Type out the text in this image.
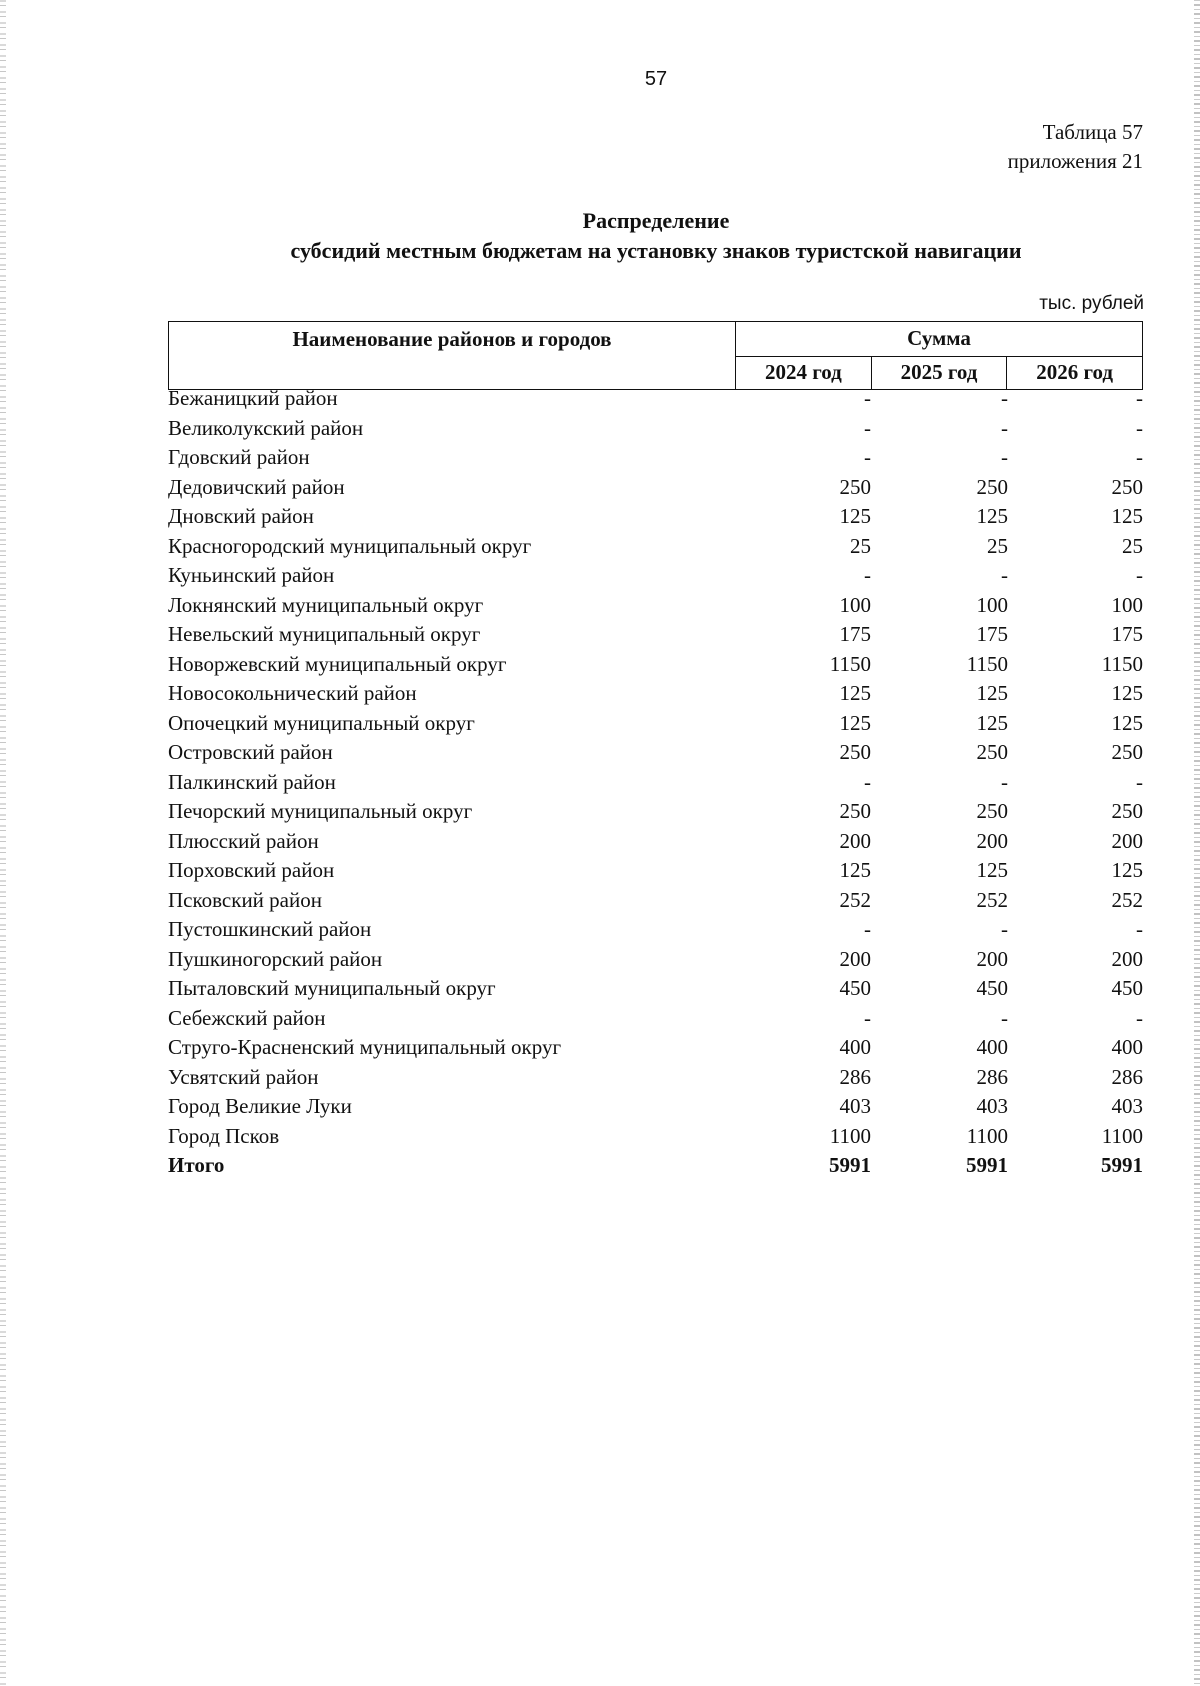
57
Таблица 57
приложения 21
Распределение
субсидий местным бюджетам на установку знаков туристской навигации
тыс. рублей
Наименование районов и городов	Сумма		
	2024 год	2025 год	2026 год
Бежаницкий район	-	-	-
Великолукский район	-	-	-
Гдовский район	-	-	-
Дедовичский район	250	250	250
Дновский район	125	125	125
Красногородский муниципальный округ	25	25	25
Куньинский район	-	-	-
Локнянский муниципальный округ	100	100	100
Невельский муниципальный округ	175	175	175
Новоржевский муниципальный округ	1150	1150	1150
Новосокольнический район	125	125	125
Опочецкий муниципальный округ	125	125	125
Островский район	250	250	250
Палкинский район	-	-	-
Печорский муниципальный округ	250	250	250
Плюсский район	200	200	200
Порховский район	125	125	125
Псковский район	252	252	252
Пустошкинский район	-	-	-
Пушкиногорский район	200	200	200
Пыталовский муниципальный округ	450	450	450
Себежский район	-	-	-
Струго-Красненский муниципальный округ	400	400	400
Усвятский район	286	286	286
Город Великие Луки	403	403	403
Город Псков	1100	1100	1100
Итого	5991	5991	5991
